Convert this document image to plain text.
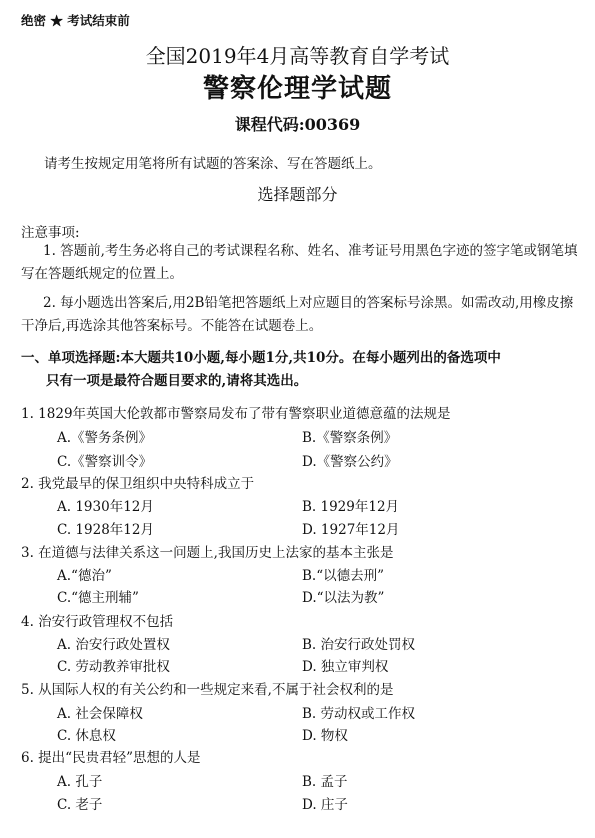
绝密 ★ 考试结束前
全国2019年4月高等教育自学考试
警察伦理学试题
课程代码:00369
请考生按规定用笔将所有试题的答案涂、写在答题纸上。
选择题部分
注意事项:
1. 答题前,考生务必将自己的考试课程名称、姓名、准考证号用黑色字迹的签字笔或钢笔填写在答题纸规定的位置上。
2. 每小题选出答案后,用2B铅笔把答题纸上对应题目的答案标号涂黑。如需改动,用橡皮擦干净后,再选涂其他答案标号。不能答在试题卷上。
一、单项选择题:本大题共10小题,每小题1分,共10分。在每小题列出的备选项中
只有一项是最符合题目要求的,请将其选出。
1. 1829年英国大伦敦都市警察局发布了带有警察职业道德意蕴的法规是
A.《警务条例》	B.《警察条例》
C.《警察训令》	D.《警察公约》
2. 我党最早的保卫组织中央特科成立于
A. 1930年12月	B. 1929年12月
C. 1928年12月	D. 1927年12月
3. 在道德与法律关系这一问题上,我国历史上法家的基本主张是
A.“德治”	B.“以德去刑”
C.“德主刑辅”	D.“以法为教”
4. 治安行政管理权不包括
A. 治安行政处置权	B. 治安行政处罚权
C. 劳动教养审批权	D. 独立审判权
5. 从国际人权的有关公约和一些规定来看,不属于社会权利的是
A. 社会保障权	B. 劳动权或工作权
C. 休息权	D. 物权
6. 提出“民贵君轻”思想的人是
A. 孔子	B. 孟子
C. 老子	D. 庄子
